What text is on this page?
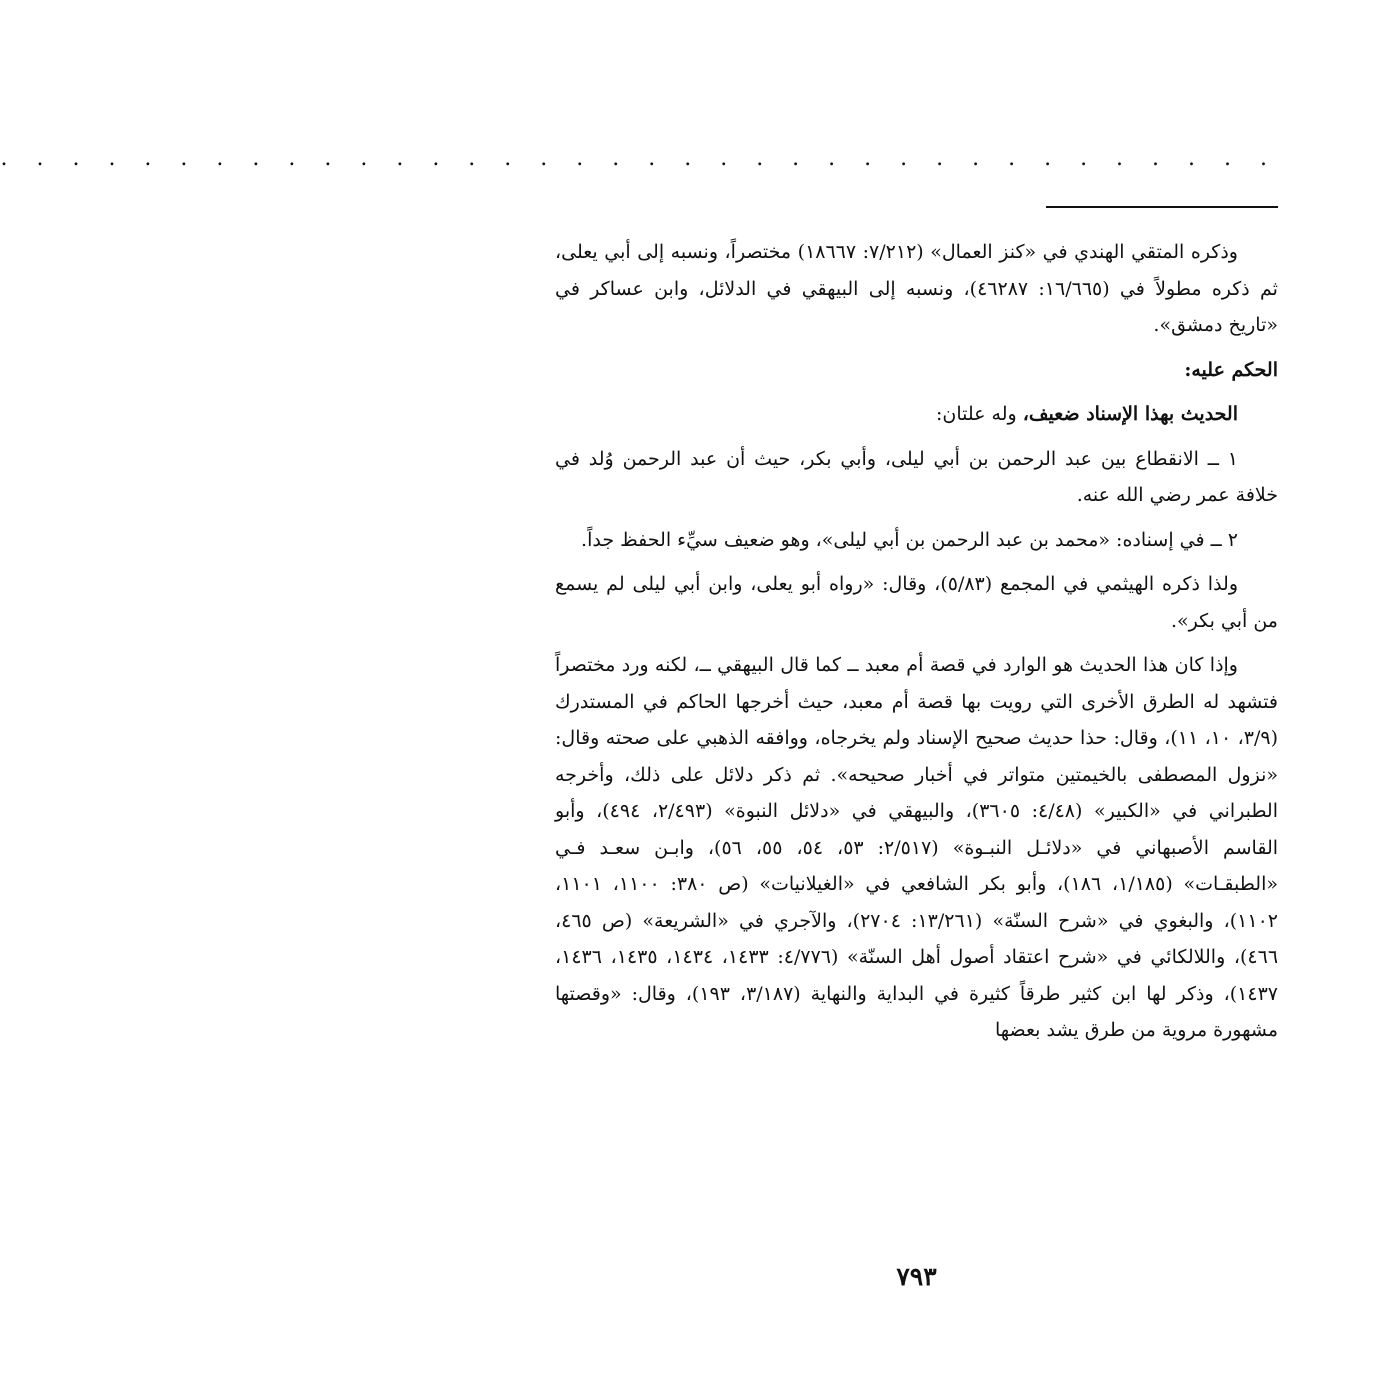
. . . . . . . . . . . . . . . . . . . . . . . . . . . . . . . . . . . .

وذكره المتقي الهندي في «كنز العمال» (٧/٢١٢: ١٨٦٦٧) مختصراً، ونسبه إلى أبي يعلى، ثم ذكره مطولاً في (١٦/٦٦٥: ٤٦٢٨٧)، ونسبه إلى البيهقي في الدلائل، وابن عساكر في «تاريخ دمشق».

الحكم عليه:

الحديث بهذا الإسناد ضعيف، وله علتان:

١ ــ الانقطاع بين عبد الرحمن بن أبي ليلى، وأبي بكر، حيث أن عبد الرحمن وُلد في خلافة عمر رضي الله عنه.

٢ ــ في إسناده: «محمد بن عبد الرحمن بن أبي ليلى»، وهو ضعيف سيِّء الحفظ جداً.

ولذا ذكره الهيثمي في المجمع (٥/٨٣)، وقال: «رواه أبو يعلى، وابن أبي ليلى لم يسمع من أبي بكر».

وإذا كان هذا الحديث هو الوارد في قصة أم معبد ــ كما قال البيهقي ــ، لكنه ورد مختصراً فتشهد له الطرق الأخرى التي رويت بها قصة أم معبد، حيث أخرجها الحاكم في المستدرك (٣/٩، ١٠، ١١)، وقال: حذا حديث صحيح الإسناد ولم يخرجاه، ووافقه الذهبي على صحته وقال: «نزول المصطفى بالخيمتين متواتر في أخبار صحيحه». ثم ذكر دلائل على ذلك، وأخرجه الطبراني في «الكبير» (٤/٤٨: ٣٦٠٥)، والبيهقي في «دلائل النبوة» (٢/٤٩٣، ٤٩٤)، وأبو القاسم الأصبهاني في «دلائـل النبـوة» (٢/٥١٧: ٥٣، ٥٤، ٥٥، ٥٦)، وابـن سعـد فـي «الطبقـات» (١/١٨٥، ١٨٦)، وأبو بكر الشافعي في «الغيلانيات» (ص ٣٨٠: ١١٠٠، ١١٠١، ١١٠٢)، والبغوي في «شرح السنّة» (١٣/٢٦١: ٢٧٠٤)، والآجري في «الشريعة» (ص ٤٦٥، ٤٦٦)، واللالكائي في «شرح اعتقاد أصول أهل السنّة» (٤/٧٧٦: ١٤٣٣، ١٤٣٤، ١٤٣٥، ١٤٣٦، ١٤٣٧)، وذكر لها ابن كثير طرقاً كثيرة في البداية والنهاية (٣/١٨٧، ١٩٣)، وقال: «وقصتها مشهورة مروية من طرق يشد بعضها

٧٩٣
